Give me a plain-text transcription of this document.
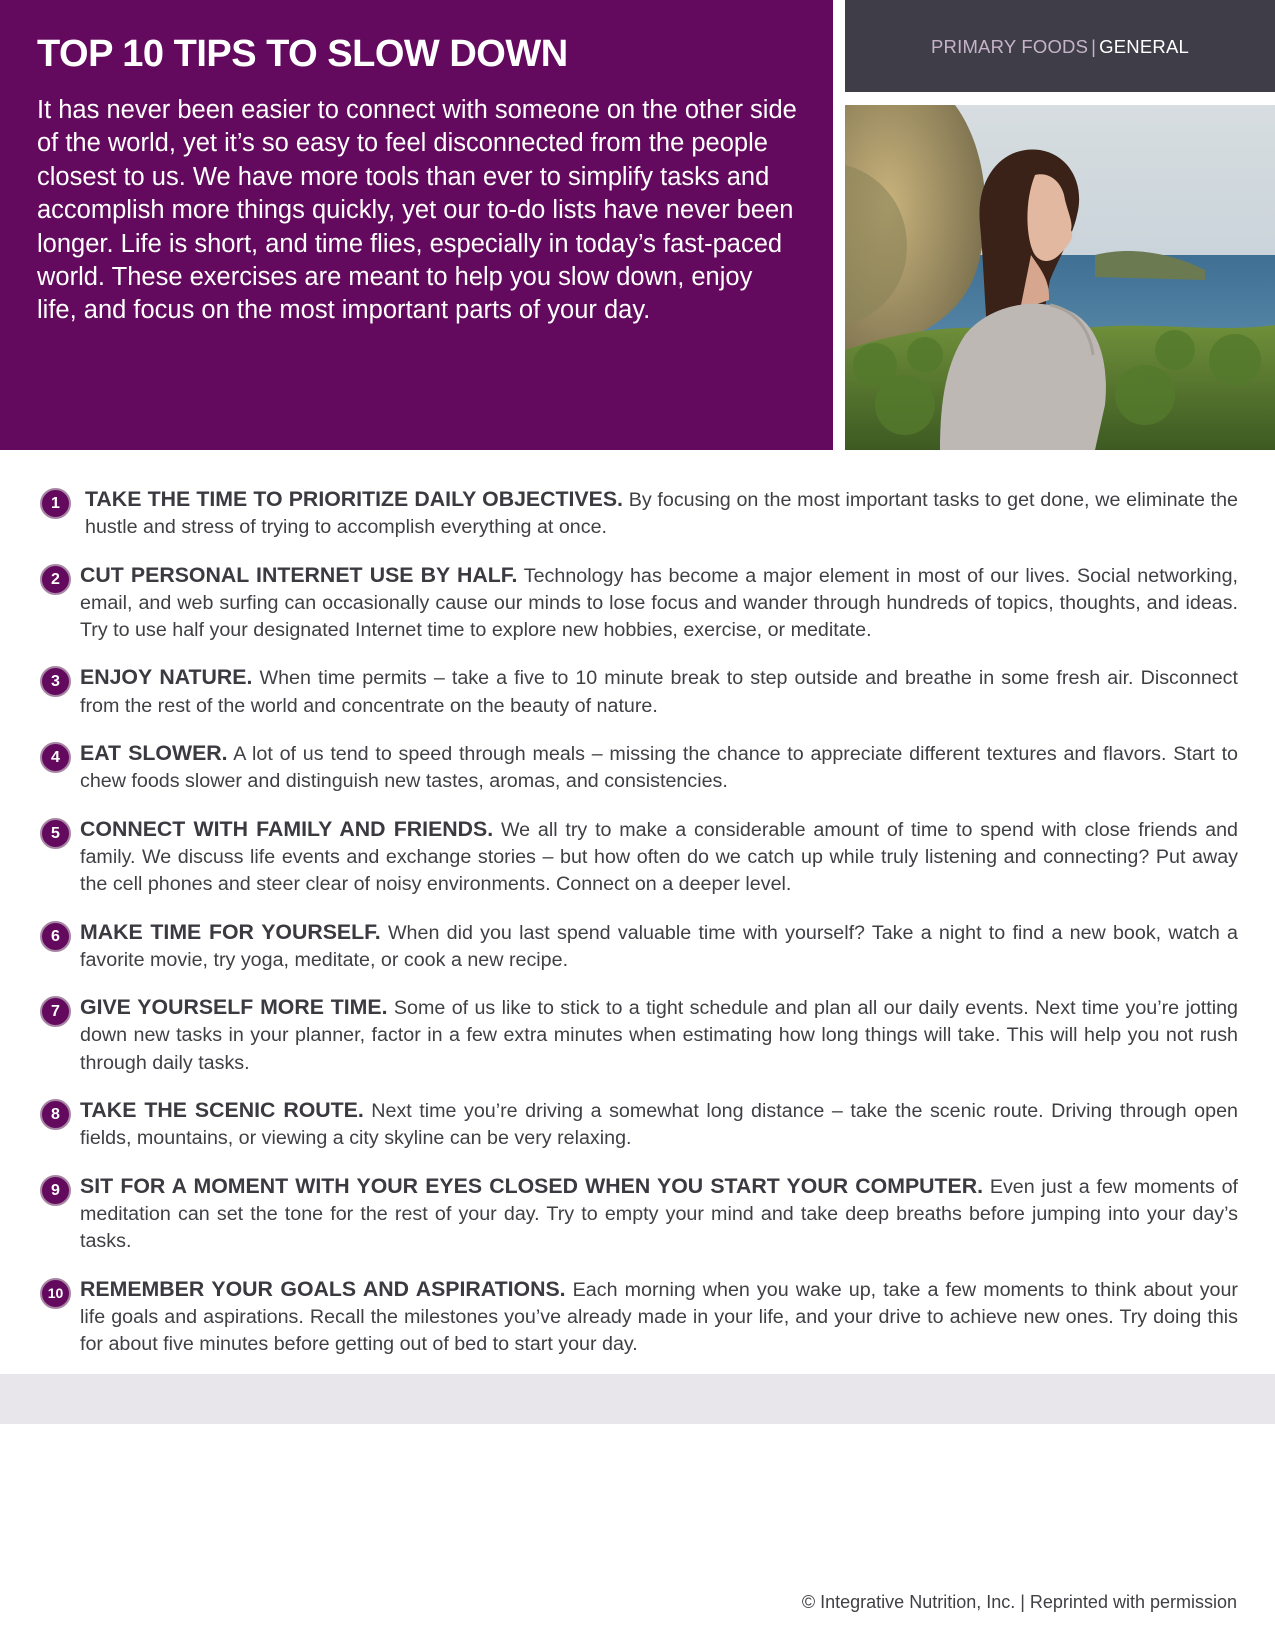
TOP 10 TIPS TO SLOW DOWN

It has never been easier to connect with someone on the other side of the world, yet it’s so easy to feel disconnected from the people closest to us. We have more tools than ever to simplify tasks and accomplish more things quickly, yet our to-do lists have never been longer. Life is short, and time flies, especially in today’s fast-paced world. These exercises are meant to help you slow down, enjoy life, and focus on the most important parts of your day.

PRIMARY FOODS | GENERAL
1	TAKE THE TIME TO PRIORITIZE DAILY OBJECTIVES. By focusing on the most important tasks to get done, we eliminate the hustle and stress of trying to accomplish everything at once.
2 CUT PERSONAL INTERNET USE BY HALF. Technology has become a major element in most of our lives. Social networking, email, and web surfing can occasionally cause our minds to lose focus and wander through hundreds of topics, thoughts, and ideas. Try to use half your designated Internet time to explore new hobbies, exercise, or meditate.
3 ENJOY NATURE. When time permits – take a five to 10 minute break to step outside and breathe in some fresh air. Disconnect from the rest of the world and concentrate on the beauty of nature.
4 EAT SLOWER. A lot of us tend to speed through meals – missing the chance to appreciate different textures and flavors. Start to chew foods slower and distinguish new tastes, aromas, and consistencies.
5 CONNECT WITH FAMILY AND FRIENDS. We all try to make a considerable amount of time to spend with close friends and family. We discuss life events and exchange stories – but how often do we catch up while truly listening and connecting? Put away the cell phones and steer clear of noisy environments. Connect on a deeper level.
6 MAKE TIME FOR YOURSELF. When did you last spend valuable time with yourself? Take a night to find a new book, watch a favorite movie, try yoga, meditate, or cook a new recipe.
7 GIVE YOURSELF MORE TIME. Some of us like to stick to a tight schedule and plan all our daily events. Next time you’re jotting down new tasks in your planner, factor in a few extra minutes when estimating how long things will take. This will help you not rush through daily tasks.
8 TAKE THE SCENIC ROUTE. Next time you’re driving a somewhat long distance – take the scenic route. Driving through open fields, mountains, or viewing a city skyline can be very relaxing.
9 SIT FOR A MOMENT WITH YOUR EYES CLOSED WHEN YOU START YOUR COMPUTER. Even just a few moments of meditation can set the tone for the rest of your day. Try to empty your mind and take deep breaths before jumping into your day’s tasks.
10 REMEMBER YOUR GOALS AND ASPIRATIONS. Each morning when you wake up, take a few moments to think about your life goals and aspirations. Recall the milestones you’ve already made in your life, and your drive to achieve new ones. Try doing this for about five minutes before getting out of bed to start your day.
© Integrative Nutrition, Inc. | Reprinted with permission
